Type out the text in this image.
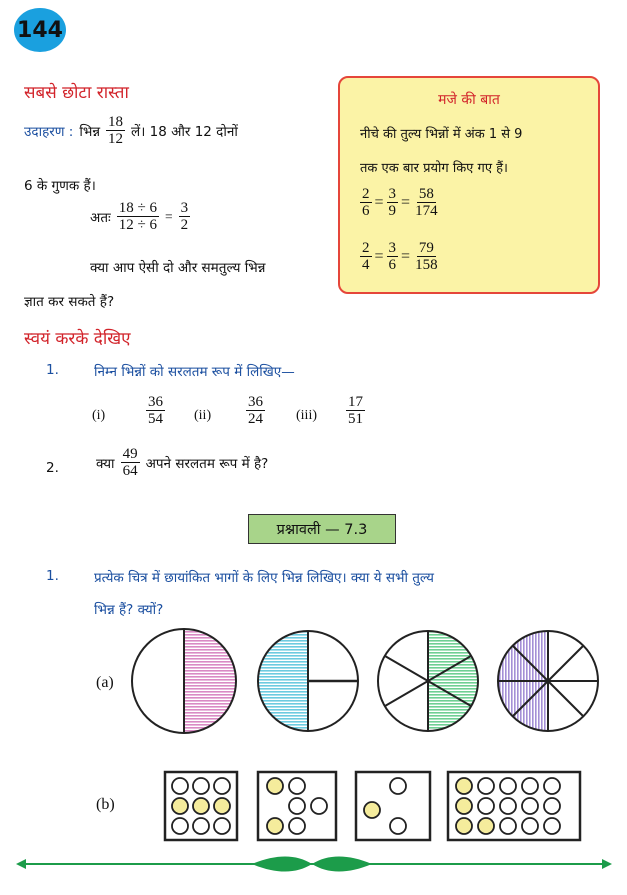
144
सबसे छोटा रास्ता
उदाहरण : भिन्न $\frac{18}{12}$ लें। 18 और 12 दोनों
6 के गुणक हैं।
अतः $\frac{18 \div 6}{12 \div 6} = \frac{3}{2}$
क्या आप ऐसी दो और समतुल्य भिन्न
ज्ञात कर सकते हैं?
मजे की बात
नीचे की तुल्य भिन्नों में अंक 1 से 9
तक एक बार प्रयोग किए गए हैं।
$\frac{2}{6} = \frac{3}{9} = \frac{58}{174}$
$\frac{2}{4} = \frac{3}{6} = \frac{79}{158}$
स्वयं करके देखिए
1.	निम्न भिन्नों को सरलतम रूप में लिखिए—
(i)	$\frac{36}{54} (ii) \frac{36}{24} (iii) \frac{17}{51}$
2.	क्या $\frac{49}{64}$ अपने सरलतम रूप में है?
प्रश्नावली — 7.3
1.	प्रत्येक चित्र में छायांकित भागों के लिए भिन्न लिखिए। क्या ये सभी तुल्य
भिन्न हैं? क्यों?
(a)
(b)
